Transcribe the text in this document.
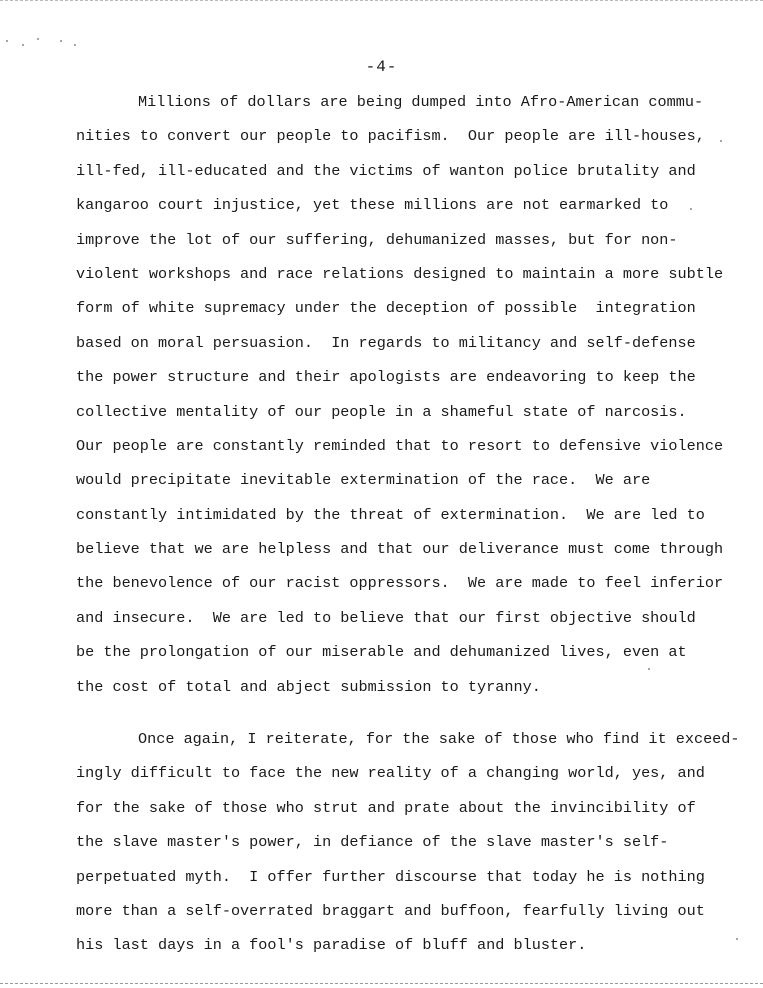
-4-
Millions of dollars are being dumped into Afro-American commu-
nities to convert our people to pacifism.  Our people are ill-houses,
ill-fed, ill-educated and the victims of wanton police brutality and
kangaroo court injustice, yet these millions are not earmarked to
improve the lot of our suffering, dehumanized masses, but for non-
violent workshops and race relations designed to maintain a more subtle
form of white supremacy under the deception of possible  integration
based on moral persuasion.  In regards to militancy and self-defense
the power structure and their apologists are endeavoring to keep the
collective mentality of our people in a shameful state of narcosis.
Our people are constantly reminded that to resort to defensive violence
would precipitate inevitable extermination of the race.  We are
constantly intimidated by the threat of extermination.  We are led to
believe that we are helpless and that our deliverance must come through
the benevolence of our racist oppressors.  We are made to feel inferior
and insecure.  We are led to believe that our first objective should
be the prolongation of our miserable and dehumanized lives, even at
the cost of total and abject submission to tyranny.
Once again, I reiterate, for the sake of those who find it exceed-
ingly difficult to face the new reality of a changing world, yes, and
for the sake of those who strut and prate about the invincibility of
the slave master's power, in defiance of the slave master's self-
perpetuated myth.  I offer further discourse that today he is nothing
more than a self-overrated braggart and buffoon, fearfully living out
his last days in a fool's paradise of bluff and bluster.
